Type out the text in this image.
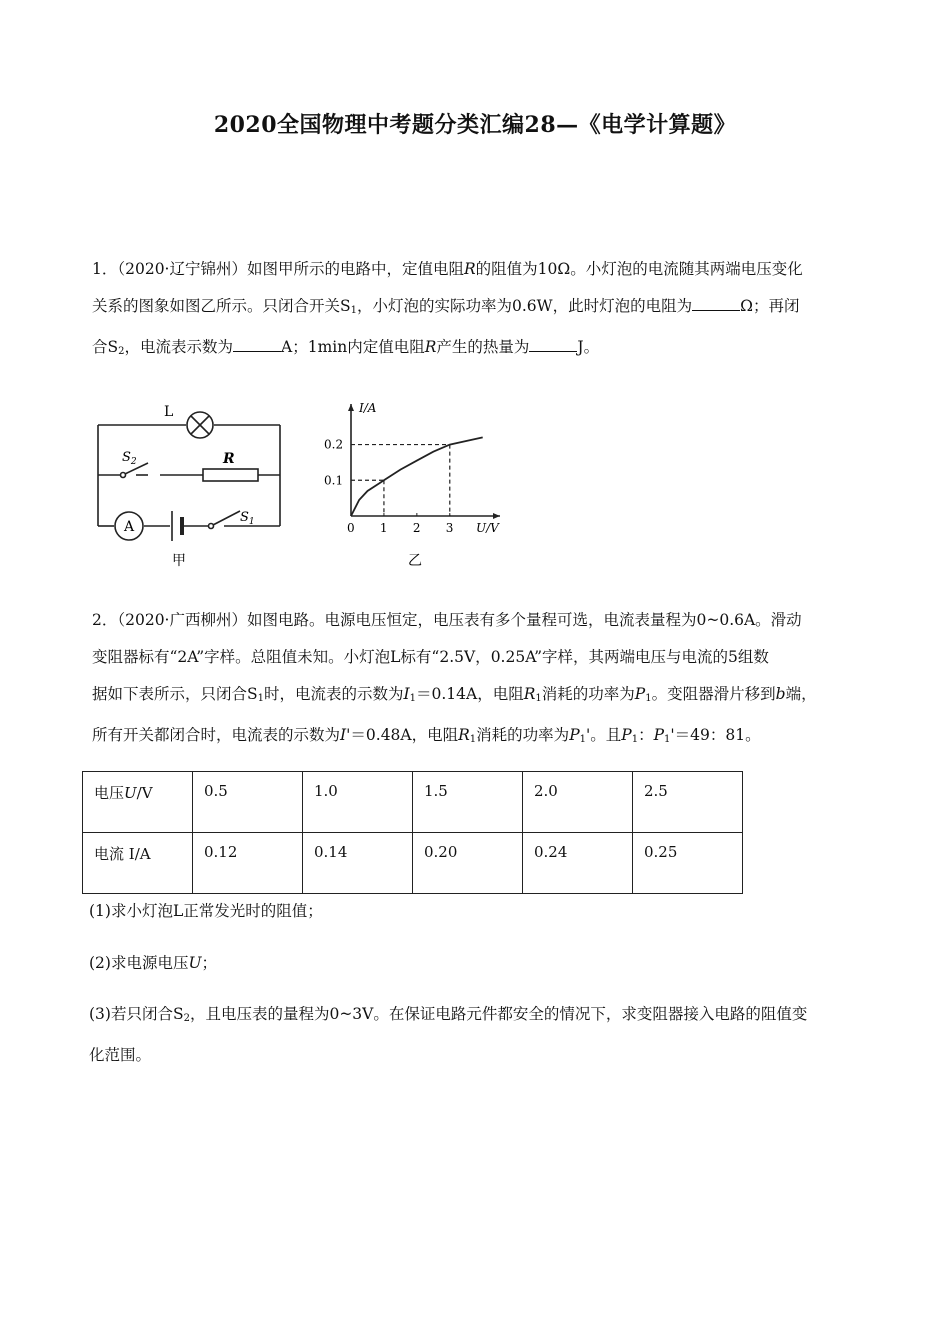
2020全国物理中考题分类汇编28—《电学计算题》

1．（2020·辽宁锦州）如图甲所示的电路中，定值电阻R的阻值为10Ω。小灯泡的电流随其两端电压变化

关系的图象如图乙所示。只闭合开关$S_1$，小灯泡的实际功率为0.6W，此时灯泡的电阻为	Ω；再闭

合$S_2$，电流表示数为	A；1min内定值电阻R产生的热量为	J。

L
$S_2$	R
A
$S_1$
甲
I/A
U/V
0 1 2 3
0.1
0.2
乙

2．（2020·广西柳州）如图电路。电源电压恒定，电压表有多个量程可选，电流表量程为0~0.6A。滑动

变阻器标有“2A”字样。总阻值未知。小灯泡L标有“2.5V，0.25A”字样，其两端电压与电流的5组数

据如下表所示，只闭合$S_1$时，电流表的示数为$I_1=0.14A$，电阻$R_1$消耗的功率为$P_1$。变阻器滑片移到b端，

所有开关都闭合时，电流表的示数为I'＝0.48A，电阻$R_1$消耗的功率为$P_1'$。且$P_1$：$P_1'=49$：81。

电压U/V	0.5	1.0	1.5	2.0	2.5
电流 I/A	0.12	0.14	0.20	0.24	0.25

(1)求小灯泡L正常发光时的阻值；

(2)求电源电压U；

(3)若只闭合$S_2$，且电压表的量程为0~3V。在保证电路元件都安全的情况下，求变阻器接入电路的阻值变

化范围。
